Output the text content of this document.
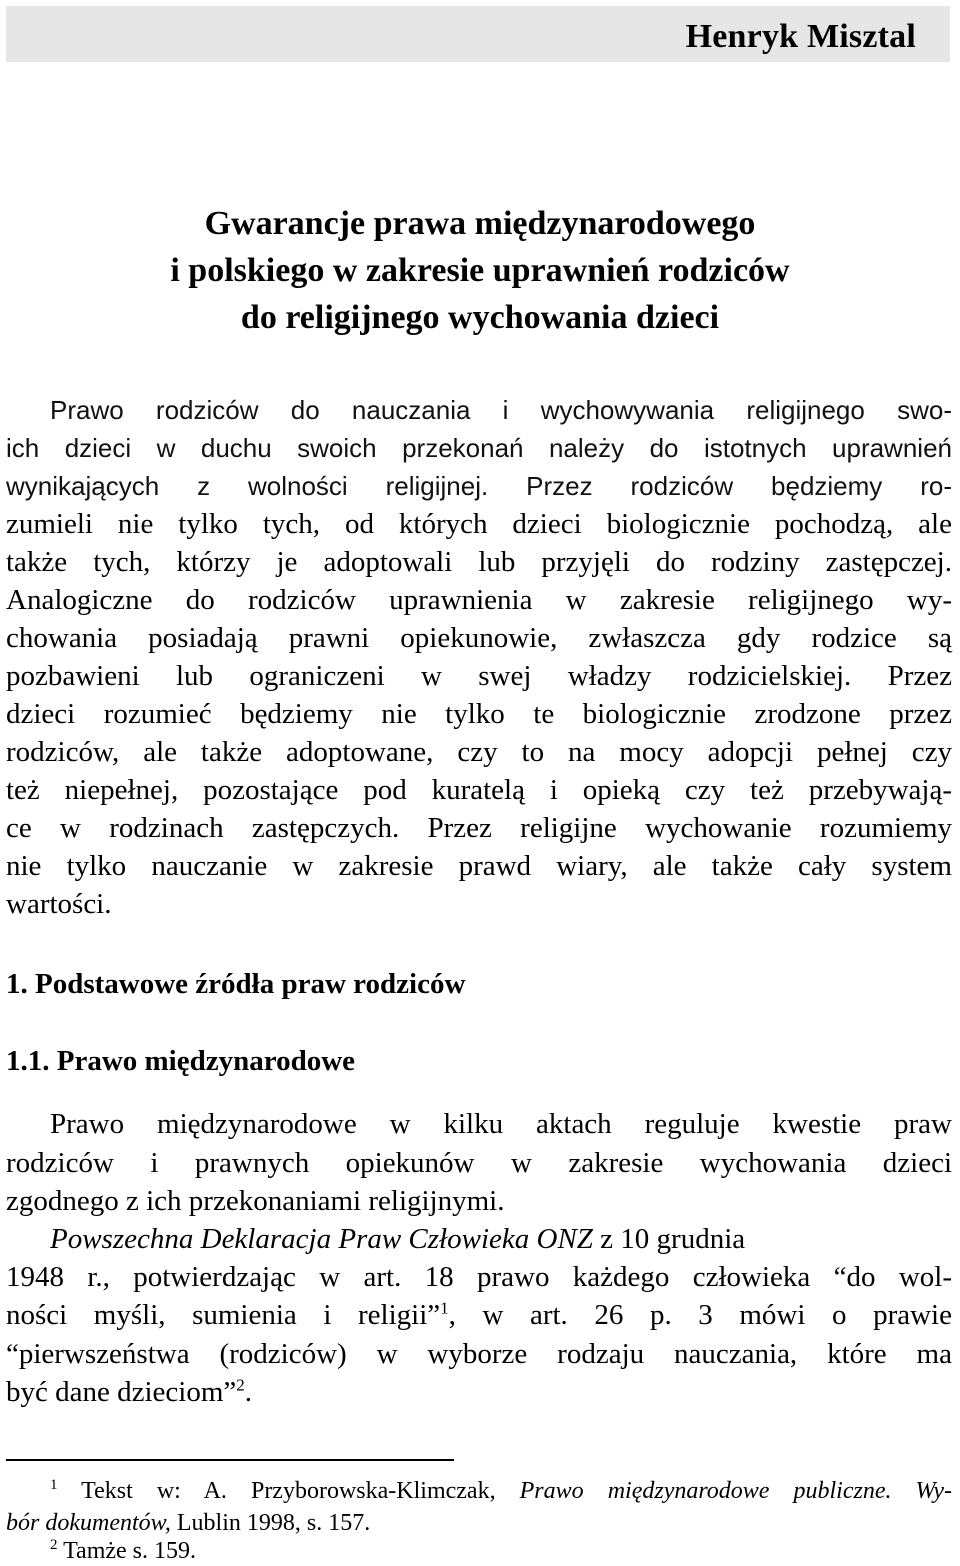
Henryk Misztal
Gwarancje prawa międzynarodowego
i polskiego w zakresie uprawnień rodziców
do religijnego wychowania dzieci
Prawo rodziców do nauczania i wychowywania religijnego swo-
ich dzieci w duchu swoich przekonań należy do istotnych uprawnień
wynikających z wolności religijnej. Przez rodziców będziemy ro-
zumieli nie tylko tych, od których dzieci biologicznie pochodzą, ale
także tych, którzy je adoptowali lub przyjęli do rodziny zastępczej.
Analogiczne do rodziców uprawnienia w zakresie religijnego wy-
chowania posiadają prawni opiekunowie, zwłaszcza gdy rodzice są
pozbawieni lub ograniczeni w swej władzy rodzicielskiej. Przez
dzieci rozumieć będziemy nie tylko te biologicznie zrodzone przez
rodziców, ale także adoptowane, czy to na mocy adopcji pełnej czy
też niepełnej, pozostające pod kuratelą i opieką czy też przebywają-
ce w rodzinach zastępczych. Przez religijne wychowanie rozumiemy
nie tylko nauczanie w zakresie prawd wiary, ale także cały system
wartości.
1. Podstawowe źródła praw rodziców
1.1. Prawo międzynarodowe
Prawo międzynarodowe w kilku aktach reguluje kwestie praw
rodziców i prawnych opiekunów w zakresie wychowania dzieci
zgodnego z ich przekonaniami religijnymi.
Powszechna Deklaracja Praw Człowieka ONZ z 10 grudnia
1948 r., potwierdzając w art. 18 prawo każdego człowieka “do wol-
ności myśli, sumienia i religii”$^1$, w art. 26 p. 3 mówi o prawie
“pierwszeństwa (rodziców) w wyborze rodzaju nauczania, które ma
być dane dzieciom”$^2$.
$^1$ Tekst w: A. Przyborowska-Klimczak, Prawo międzynarodowe publiczne. Wy-
bór dokumentów, Lublin 1998, s. 157.
$^2$ Tamże s. 159.
